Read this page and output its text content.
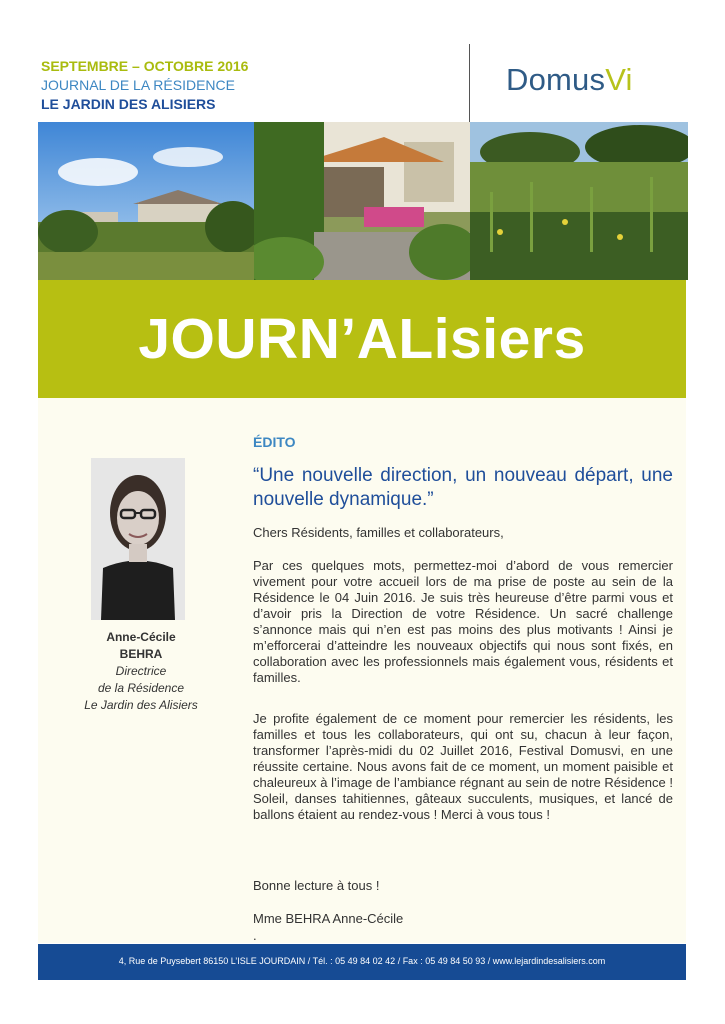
SEPTEMBRE – OCTOBRE 2016
JOURNAL DE LA RÉSIDENCE
LE JARDIN DES ALISIERS
DomusVi
JOURN’ALisiers
Anne-Cécile
BEHRA
Directrice
de la Résidence
Le Jardin des Alisiers
ÉDITO
“Une nouvelle direction, un nouveau départ, une nouvelle dynamique.”

Chers Résidents, familles et collaborateurs,

Par ces quelques mots, permettez-moi d’abord de vous remercier vivement pour votre accueil lors de ma prise de poste au sein de la Résidence le 04 Juin 2016. Je suis très heureuse d’être parmi vous et d’avoir pris la Direction de votre Résidence. Un sacré challenge s’annonce mais qui n’en est pas moins des plus motivants ! Ainsi je m’efforcerai d’atteindre les nouveaux objectifs qui nous sont fixés, en collaboration avec les professionnels mais également vous, résidents et familles.

Je profite également de ce moment pour remercier les résidents, les familles et tous les collaborateurs, qui ont su, chacun à leur façon, transformer l’après-midi du 02 Juillet 2016, Festival Domusvi, en une réussite certaine. Nous avons fait de ce moment, un moment paisible et chaleureux à l’image de l’ambiance régnant au sein de notre Résidence ! Soleil, danses tahitiennes, gâteaux succulents, musiques, et lancé de ballons étaient au rendez-vous ! Merci à vous tous !

Bonne lecture à tous !

Mme BEHRA Anne-Cécile

.

4, Rue de Puysebert 86150 L’ISLE JOURDAIN / Tél. : 05 49 84 02 42 / Fax : 05 49 84 50 93 / www.lejardindesalisiers.com
